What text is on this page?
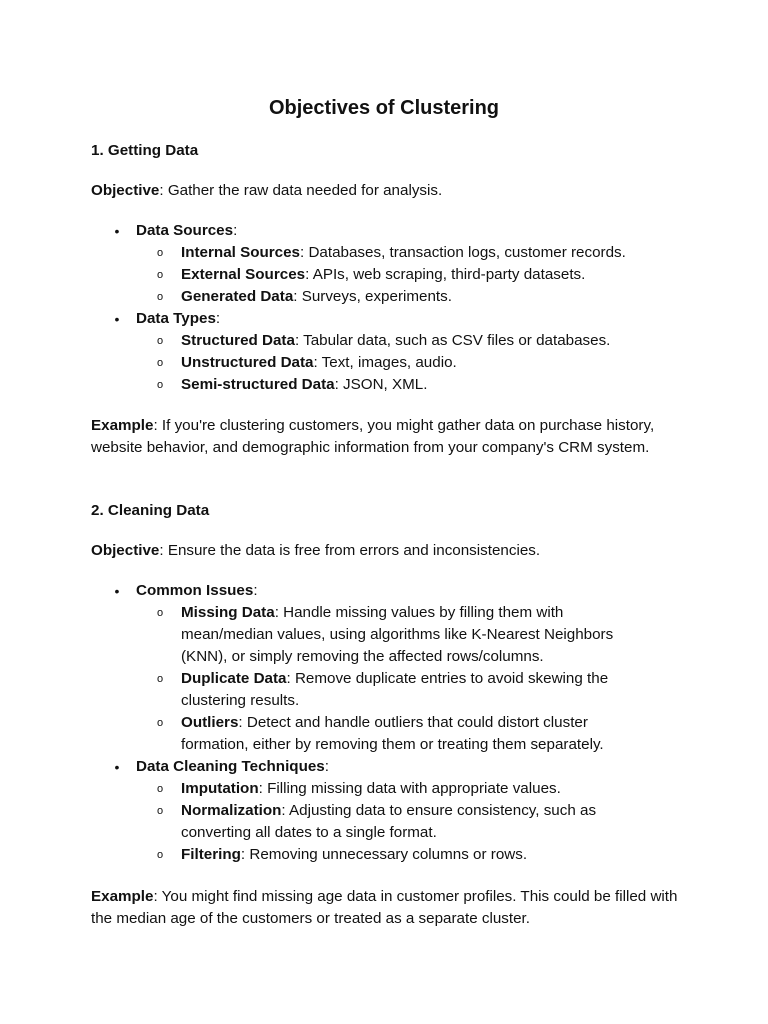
Objectives of Clustering

1. Getting Data

Objective: Gather the raw data needed for analysis.

• Data Sources:
o Internal Sources: Databases, transaction logs, customer records.
o External Sources: APIs, web scraping, third-party datasets.
o Generated Data: Surveys, experiments.
• Data Types:
o Structured Data: Tabular data, such as CSV files or databases.
o Unstructured Data: Text, images, audio.
o Semi-structured Data: JSON, XML.

Example: If you're clustering customers, you might gather data on purchase history, website behavior, and demographic information from your company's CRM system.

2. Cleaning Data

Objective: Ensure the data is free from errors and inconsistencies.

• Common Issues:
o Missing Data: Handle missing values by filling them with mean/median values, using algorithms like K-Nearest Neighbors (KNN), or simply removing the affected rows/columns.
o Duplicate Data: Remove duplicate entries to avoid skewing the clustering results.
o Outliers: Detect and handle outliers that could distort cluster formation, either by removing them or treating them separately.
• Data Cleaning Techniques:
o Imputation: Filling missing data with appropriate values.
o Normalization: Adjusting data to ensure consistency, such as converting all dates to a single format.
o Filtering: Removing unnecessary columns or rows.

Example: You might find missing age data in customer profiles. This could be filled with the median age of the customers or treated as a separate cluster.
